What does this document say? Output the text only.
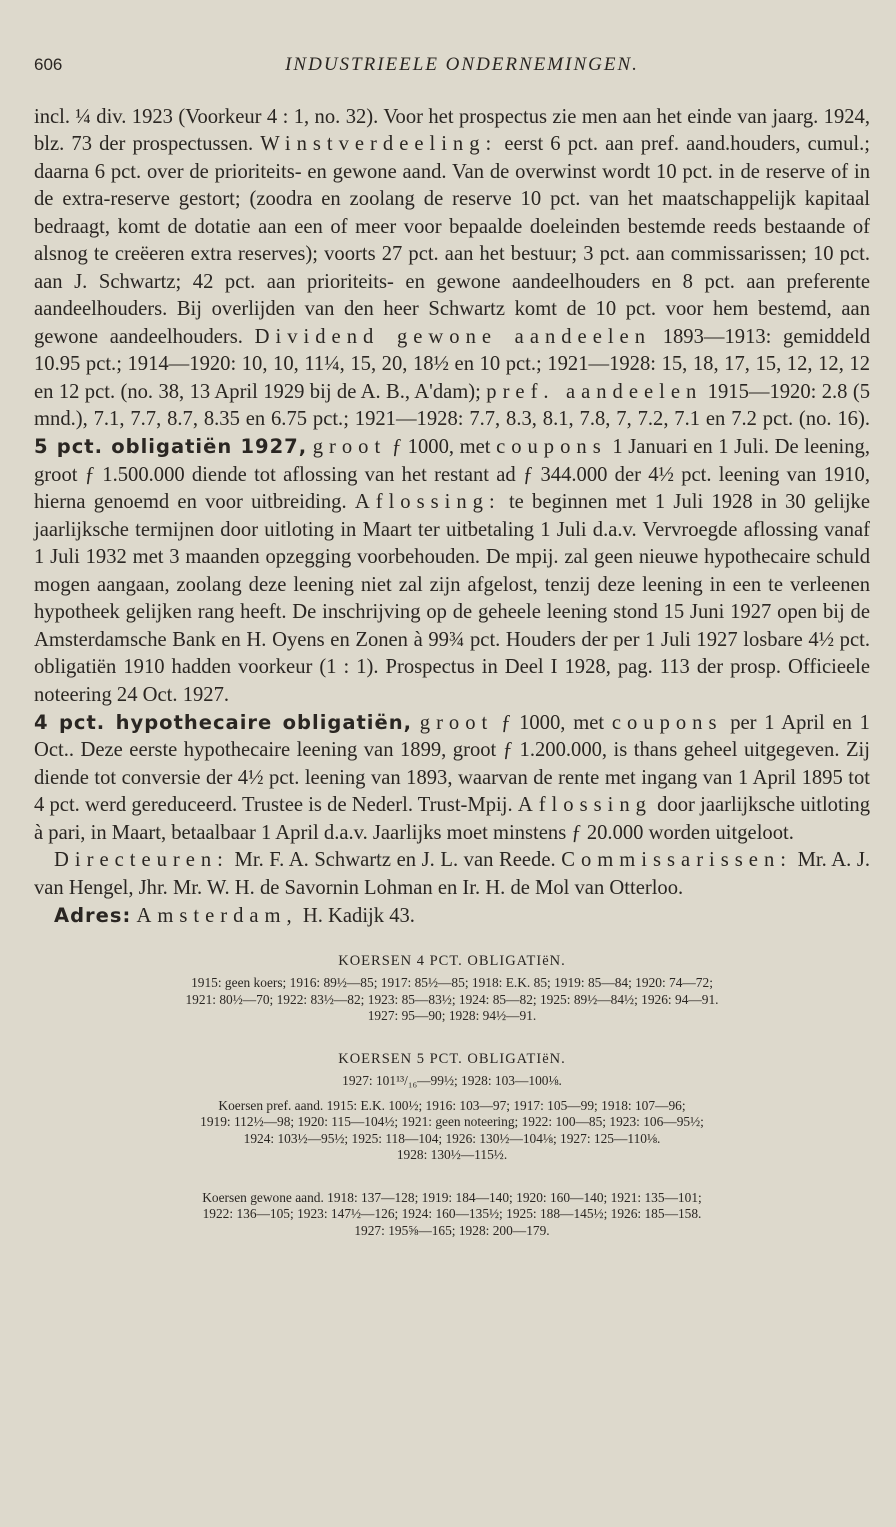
606	INDUSTRIEELE ONDERNEMINGEN.
incl. ¼ div. 1923 (Voorkeur 4 : 1, no. 32). Voor het prospectus zie men aan het einde van jaarg. 1924, blz. 73 der prospectussen. Winstverdeeling: eerst 6 pct. aan pref. aand.houders, cumul.; daarna 6 pct. over de prioriteits- en gewone aand. Van de overwinst wordt 10 pct. in de reserve of in de extra-reserve gestort; (zoodra en zoolang de reserve 10 pct. van het maatschappelijk kapitaal bedraagt, komt de dotatie aan een of meer voor bepaalde doeleinden bestemde reeds bestaande of alsnog te creëeren extra reserves); voorts 27 pct. aan het bestuur; 3 pct. aan commissarissen; 10 pct. aan J. Schwartz; 42 pct. aan prioriteits- en gewone aandeelhouders en 8 pct. aan preferente aandeelhouders. Bij overlijden van den heer Schwartz komt de 10 pct. voor hem bestemd, aan gewone aandeelhouders. Dividend gewone aandeelen 1893—1913: gemiddeld 10.95 pct.; 1914—1920: 10, 10, 11¼, 15, 20, 18½ en 10 pct.; 1921—1928: 15, 18, 17, 15, 12, 12, 12 en 12 pct. (no. 38, 13 April 1929 bij de A. B., A'dam); pref. aandeelen 1915—1920: 2.8 (5 mnd.), 7.1, 7.7, 8.7, 8.35 en 6.75 pct.; 1921—1928: 7.7, 8.3, 8.1, 7.8, 7, 7.2, 7.1 en 7.2 pct. (no. 16). 5 pct. obligatiën 1927, groot ƒ 1000, met coupons 1 Januari en 1 Juli. De leening, groot ƒ 1.500.000 diende tot aflossing van het restant ad ƒ 344.000 der 4½ pct. leening van 1910, hierna genoemd en voor uitbreiding. Aflossing: te beginnen met 1 Juli 1928 in 30 gelijke jaarlijksche termijnen door uitloting in Maart ter uitbetaling 1 Juli d.a.v. Vervroegde aflossing vanaf 1 Juli 1932 met 3 maanden opzegging voorbehouden. De mpij. zal geen nieuwe hypothecaire schuld mogen aangaan, zoolang deze leening niet zal zijn afgelost, tenzij deze leening in een te verleenen hypotheek gelijken rang heeft. De inschrijving op de geheele leening stond 15 Juni 1927 open bij de Amsterdamsche Bank en H. Oyens en Zonen à 99¾ pct. Houders der per 1 Juli 1927 losbare 4½ pct. obligatiën 1910 hadden voorkeur (1 : 1). Prospectus in Deel I 1928, pag. 113 der prosp. Officieele noteering 24 Oct. 1927.
4 pct. hypothecaire obligatiën, groot ƒ 1000, met coupons per 1 April en 1 Oct.. Deze eerste hypothecaire leening van 1899, groot ƒ 1.200.000, is thans geheel uitgegeven. Zij diende tot conversie der 4½ pct. leening van 1893, waarvan de rente met ingang van 1 April 1895 tot 4 pct. werd gereduceerd. Trustee is de Nederl. Trust-Mpij. Aflossing door jaarlijksche uitloting à pari, in Maart, betaalbaar 1 April d.a.v. Jaarlijks moet minstens ƒ 20.000 worden uitgeloot.
Directeuren: Mr. F. A. Schwartz en J. L. van Reede. Commissarissen: Mr. A. J. van Hengel, Jhr. Mr. W. H. de Savornin Lohman en Ir. H. de Mol van Otterloo.
Adres: Amsterdam, H. Kadijk 43.
KOERSEN 4 PCT. OBLIGATIëN.
1915: geen koers; 1916: 89½—85; 1917: 85½—85; 1918: E.K. 85; 1919: 85—84; 1920: 74—72;
1921: 80½—70; 1922: 83½—82; 1923: 85—83½; 1924: 85—82; 1925: 89½—84½; 1926: 94—91.
1927: 95—90; 1928: 94½—91.
KOERSEN 5 PCT. OBLIGATIëN.
1927: 101¹³/₁₆—99½; 1928: 103—100⅛.
Koersen pref. aand. 1915: E.K. 100½; 1916: 103—97; 1917: 105—99; 1918: 107—96;
1919: 112½—98; 1920: 115—104½; 1921: geen noteering; 1922: 100—85; 1923: 106—95½;
1924: 103½—95½; 1925: 118—104; 1926: 130½—104⅛; 1927: 125—110⅛.
1928: 130½—115½.
Koersen gewone aand. 1918: 137—128; 1919: 184—140; 1920: 160—140; 1921: 135—101;
1922: 136—105; 1923: 147½—126; 1924: 160—135½; 1925: 188—145½; 1926: 185—158.
1927: 195⅝—165; 1928: 200—179.
